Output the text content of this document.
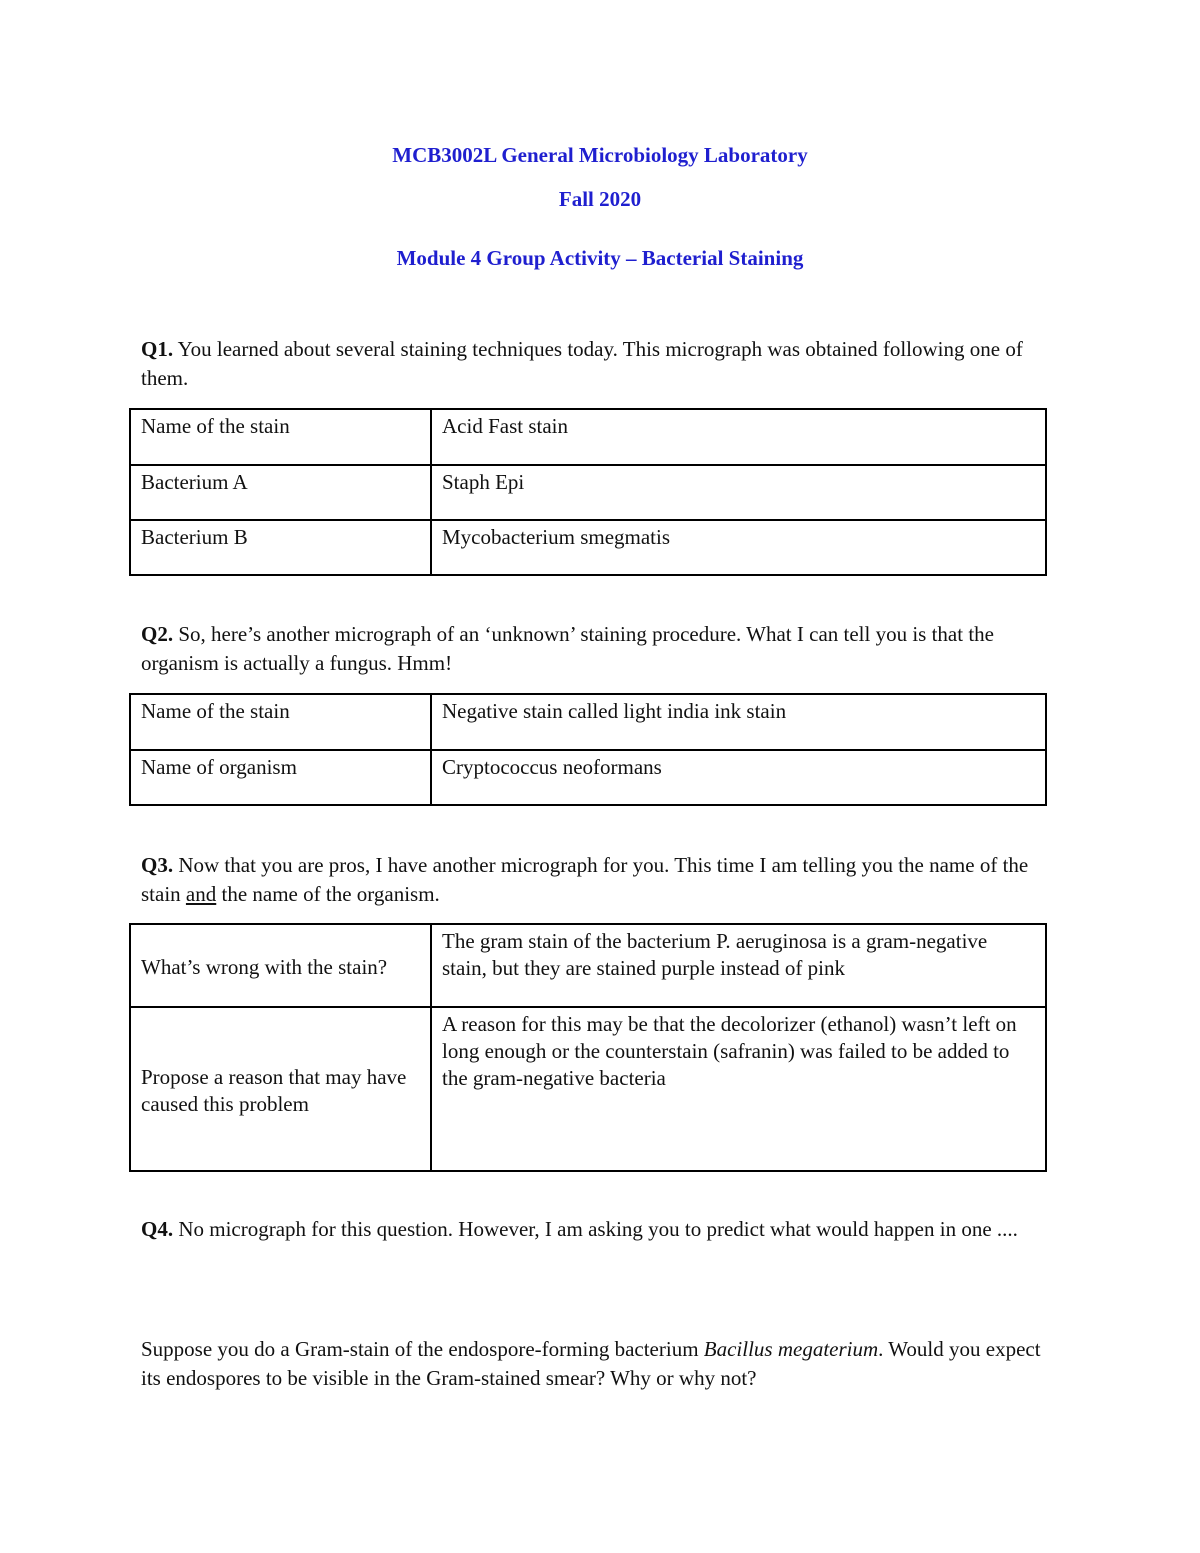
MCB3002L General Microbiology Laboratory
Fall 2020
Module 4 Group Activity – Bacterial Staining
Q1. You learned about several staining techniques today. This micrograph was obtained following one of them.
Name of the stain	Acid Fast stain
Bacterium A	Staph Epi
Bacterium B	Mycobacterium smegmatis
Q2. So, here’s another micrograph of an ‘unknown’ staining procedure. What I can tell you is that the organism is actually a fungus. Hmm!
Name of the stain	Negative stain called light india ink stain
Name of organism	Cryptococcus neoformans
Q3. Now that you are pros, I have another micrograph for you. This time I am telling you the name of the stain and the name of the organism.
What’s wrong with the stain?	The gram stain of the bacterium P. aeruginosa is a gram-negative stain, but they are stained purple instead of pink
Propose a reason that may have caused this problem	A reason for this may be that the decolorizer (ethanol) wasn’t left on long enough or the counterstain (safranin) was failed to be added to the gram-negative bacteria
Q4. No micrograph for this question. However, I am asking you to predict what would happen in one ....
Suppose you do a Gram-stain of the endospore-forming bacterium Bacillus megaterium. Would you expect its endospores to be visible in the Gram-stained smear? Why or why not?
